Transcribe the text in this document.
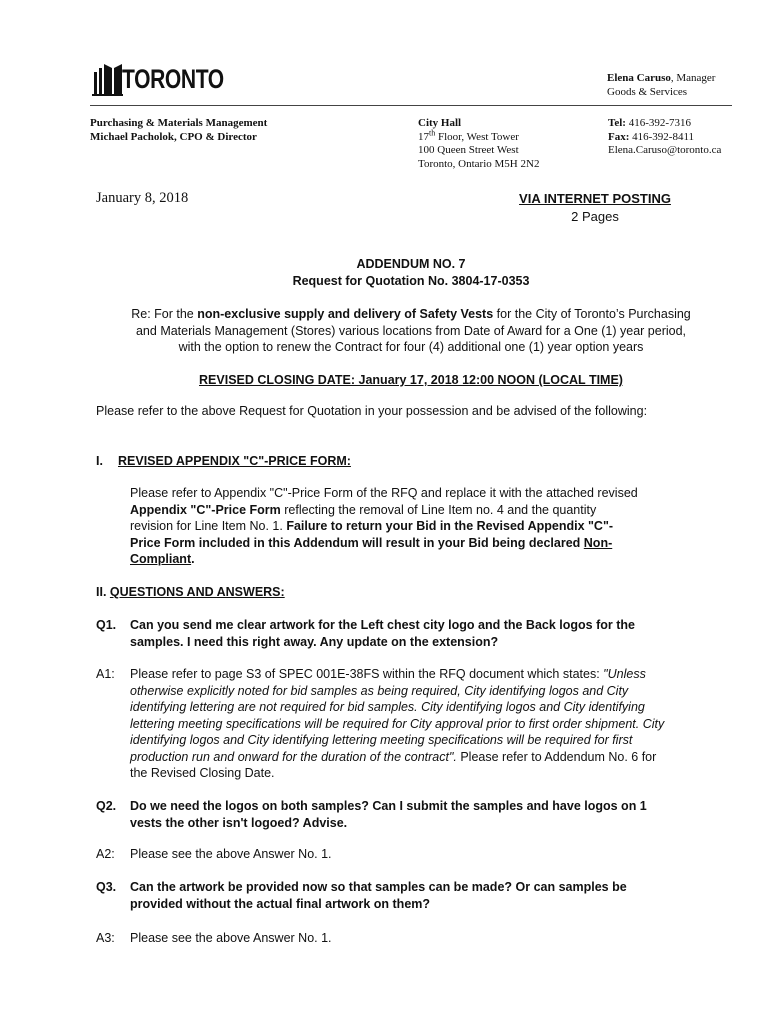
TORONTO	Elena Caruso, Manager
Goods & Services
Purchasing & Materials Management
Michael Pacholok, CPO & Director
City Hall
17th Floor, West Tower
100 Queen Street West
Toronto, Ontario M5H 2N2
Tel: 416-392-7316
Fax: 416-392-8411
Elena.Caruso@toronto.ca
January 8, 2018	VIA INTERNET POSTING
2 Pages
ADDENDUM NO. 7
Request for Quotation No. 3804-17-0353
Re: For the non-exclusive supply and delivery of Safety Vests for the City of Toronto’s Purchasing
and Materials Management (Stores) various locations from Date of Award for a One (1) year period,
with the option to renew the Contract for four (4) additional one (1) year option years
REVISED CLOSING DATE: January 17, 2018 12:00 NOON (LOCAL TIME)
Please refer to the above Request for Quotation in your possession and be advised of the following:
I. REVISED APPENDIX "C"-PRICE FORM:
Please refer to Appendix "C"-Price Form of the RFQ and replace it with the attached revised
Appendix "C"-Price Form reflecting the removal of Line Item no. 4 and the quantity
revision for Line Item No. 1. Failure to return your Bid in the Revised Appendix "C"-
Price Form included in this Addendum will result in your Bid being declared Non-
Compliant.
II. QUESTIONS AND ANSWERS:
Q1. Can you send me clear artwork for the Left chest city logo and the Back logos for the
samples. I need this right away. Any update on the extension?
A1: Please refer to page S3 of SPEC 001E-38FS within the RFQ document which states: "Unless
otherwise explicitly noted for bid samples as being required, City identifying logos and City
identifying lettering are not required for bid samples. City identifying logos and City identifying
lettering meeting specifications will be required for City approval prior to first order shipment. City
identifying logos and City identifying lettering meeting specifications will be required for first
production run and onward for the duration of the contract". Please refer to Addendum No. 6 for
the Revised Closing Date.
Q2. Do we need the logos on both samples? Can I submit the samples and have logos on 1
vests the other isn't logoed? Advise.
A2: Please see the above Answer No. 1.
Q3. Can the artwork be provided now so that samples can be made? Or can samples be
provided without the actual final artwork on them?
A3: Please see the above Answer No. 1.
